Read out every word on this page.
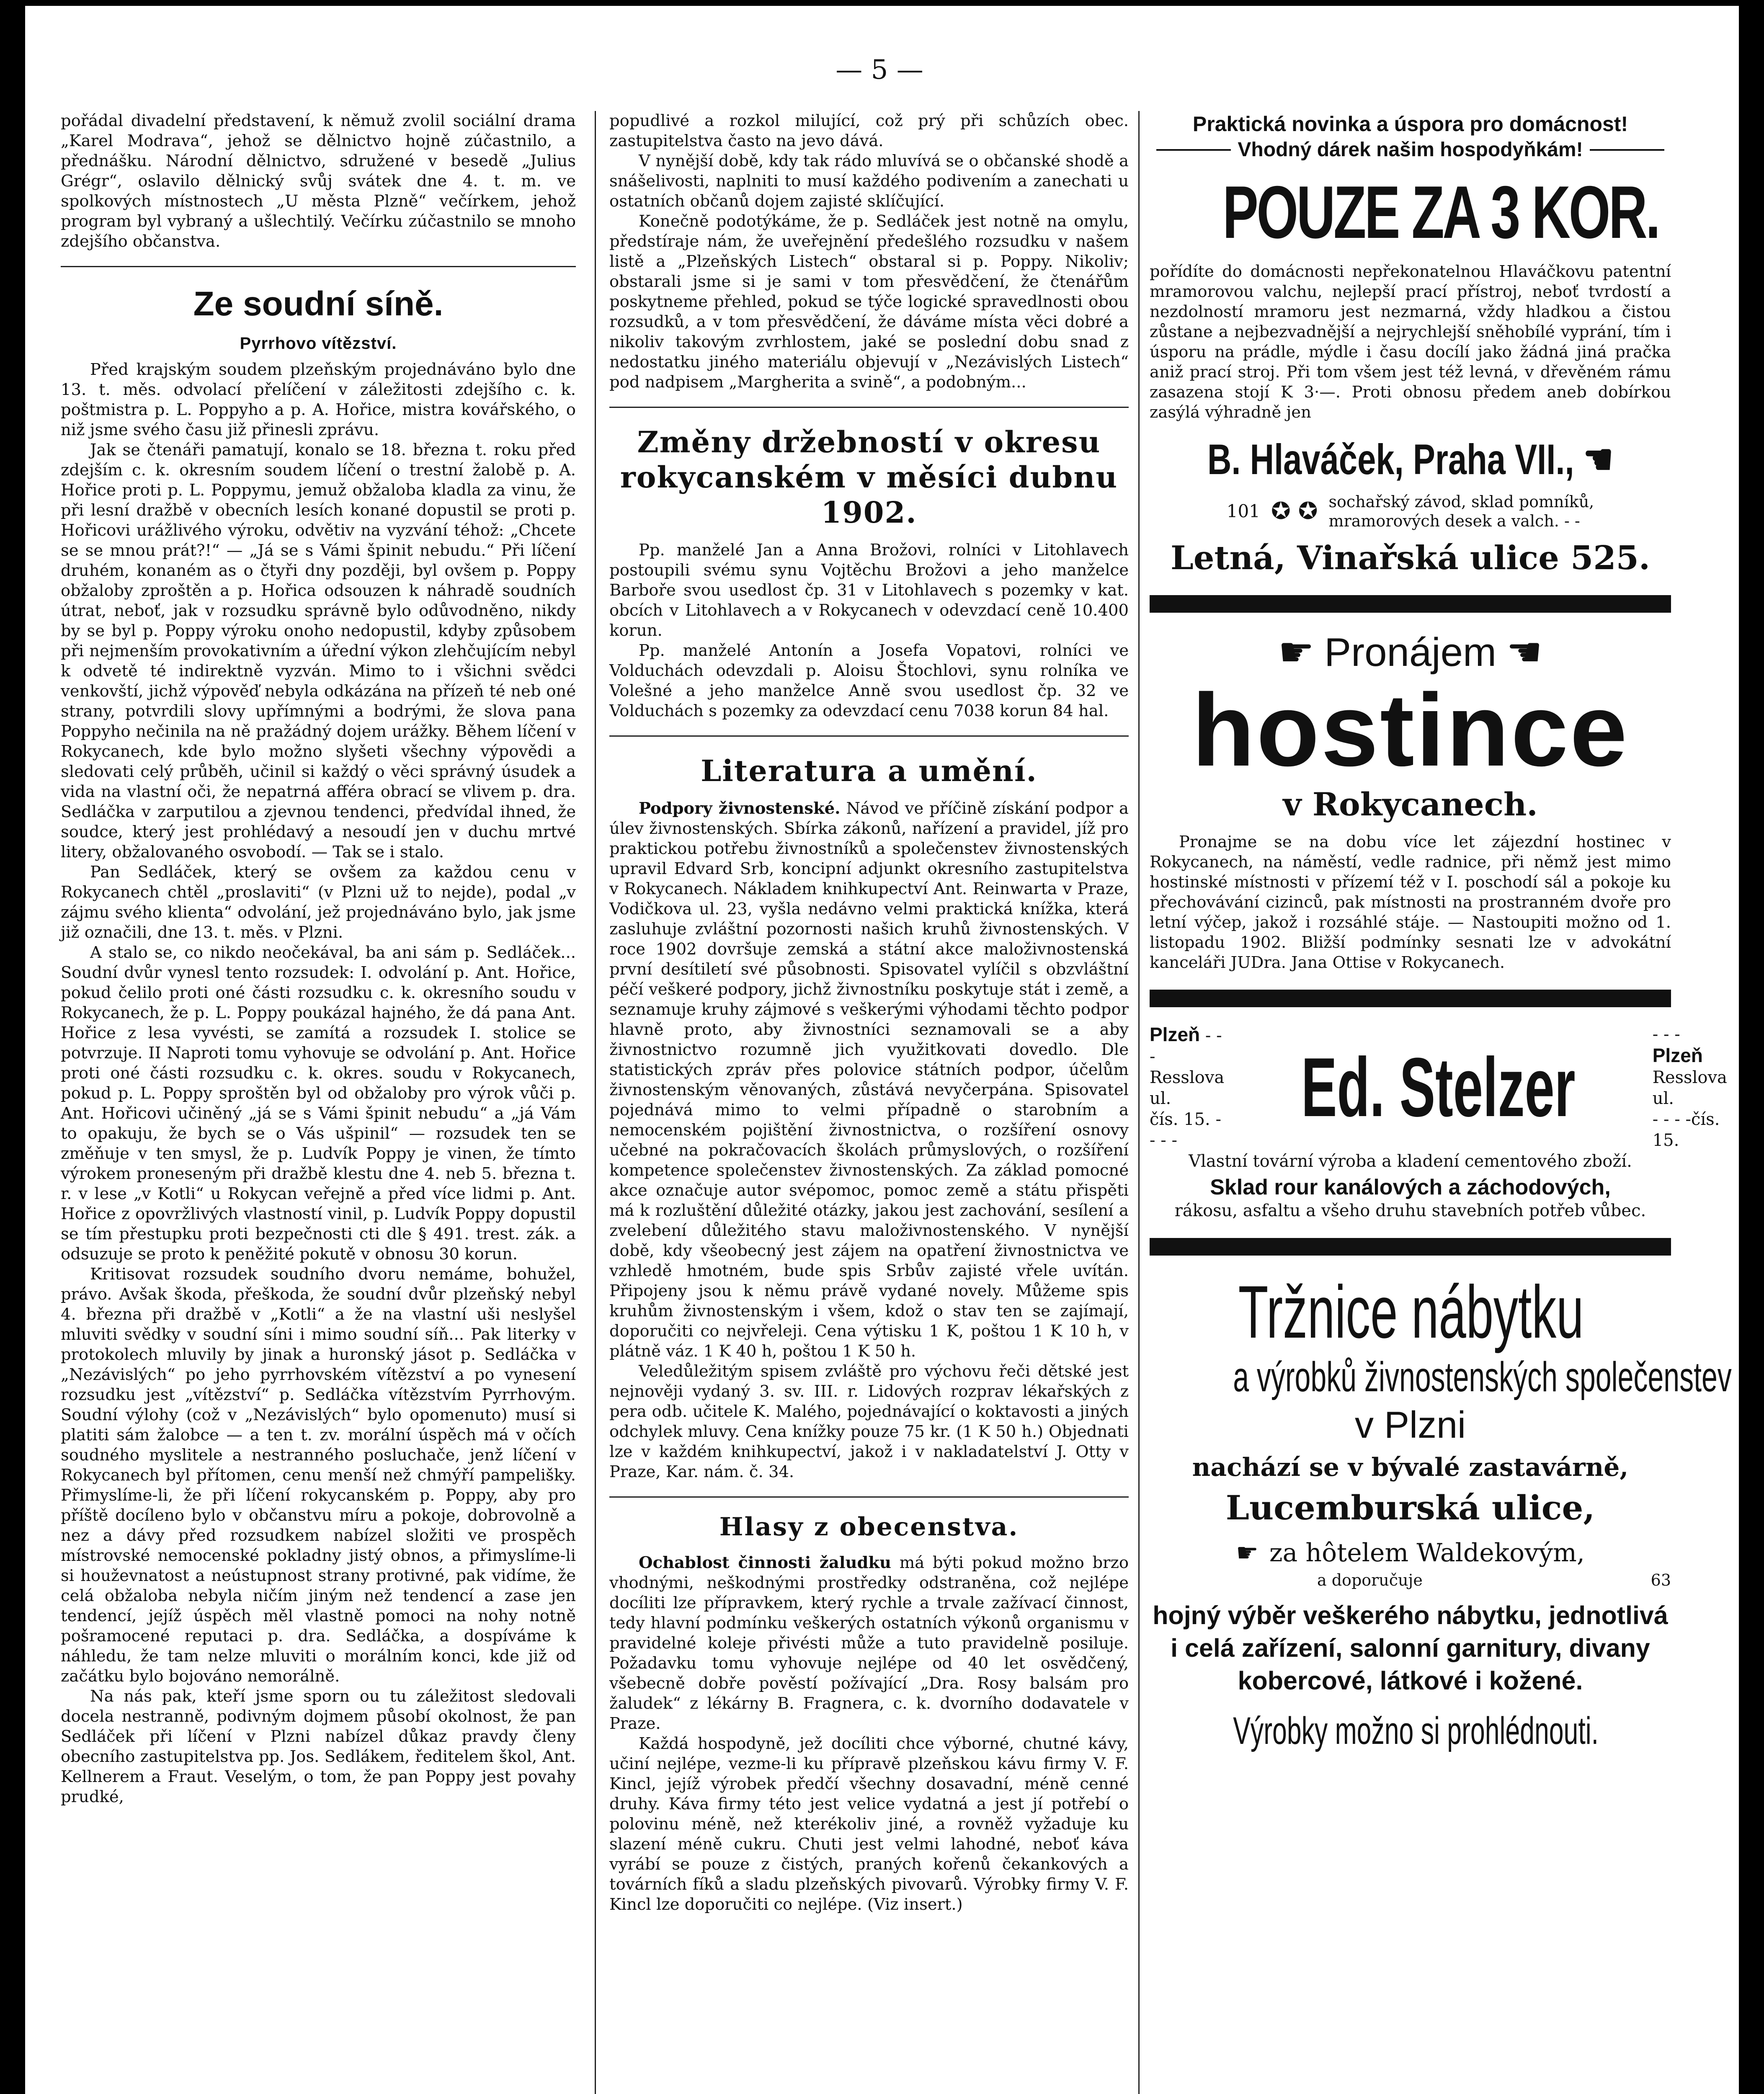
— 5 —

pořádal divadelní představení, k němuž zvolil sociální drama „Karel Modrava“, jehož se dělnictvo hojně zúčastnilo, a přednášku. Národní dělnictvo, sdružené v besedě „Julius Grégr“, oslavilo dělnický svůj svátek dne 4. t. m. ve spolkových místnostech „U města Plzně“ večírkem, jehož program byl vybraný a ušlechtilý. Večírku zúčastnilo se mnoho zdejšího občanstva.

Ze soudní síně.
Pyrrhovo vítězství.

Před krajským soudem plzeňským projednáváno bylo dne 13. t. měs. odvolací přelíčení v záležitosti zdejšího c. k. poštmistra p. L. Poppyho a p. A. Hořice, mistra kovářského, o niž jsme svého času již přinesli zprávu.

Jak se čtenáři pamatují, konalo se 18. března t. roku před zdejším c. k. okresním soudem líčení o trestní žalobě p. A. Hořice proti p. L. Poppymu, jemuž obžaloba kladla za vinu, že při lesní dražbě v obecních lesích konané dopustil se proti p. Hořicovi urážlivého výroku, odvětiv na vyzvání téhož: „Chcete se se mnou prát?!“ — „Já se s Vámi špinit nebudu.“ Při líčení druhém, konaném as o čtyři dny později, byl ovšem p. Poppy obžaloby zproštěn a p. Hořica odsouzen k náhradě soudních útrat, neboť, jak v rozsudku správně bylo odůvodněno, nikdy by se byl p. Poppy výroku onoho nedopustil, kdyby způsobem při nejmenším provokativním a úřední výkon zlehčujícím nebyl k odvetě té indirektně vyzván. Mimo to i všichni svědci venkovští, jichž výpověď nebyla odkázána na přízeň té neb oné strany, potvrdili slovy upřímnými a bodrými, že slova pana Poppyho nečinila na ně pražádný dojem urážky. Během líčení v Rokycanech, kde bylo možno slyšeti všechny výpovědi a sledovati celý průběh, učinil si každý o věci správný úsudek a vida na vlastní oči, že nepatrná afféra obrací se vlivem p. dra. Sedláčka v zarputilou a zjevnou tendenci, předvídal ihned, že soudce, který jest prohlédavý a nesoudí jen v duchu mrtvé litery, obžalovaného osvobodí. — Tak se i stalo.

Pan Sedláček, který se ovšem za každou cenu v Rokycanech chtěl „proslaviti“ (v Plzni už to nejde), podal „v zájmu svého klienta“ odvolání, jež projednáváno bylo, jak jsme již označili, dne 13. t. měs. v Plzni.

A stalo se, co nikdo neočekával, ba ani sám p. Sedláček... Soudní dvůr vynesl tento rozsudek: I. odvolání p. Ant. Hořice, pokud čelilo proti oné části rozsudku c. k. okresního soudu v Rokycanech, že p. L. Poppy poukázal hajného, že dá pana Ant. Hořice z lesa vyvésti, se zamítá a rozsudek I. stolice se potvrzuje. II Naproti tomu vyhovuje se odvolání p. Ant. Hořice proti oné části rozsudku c. k. okres. soudu v Rokycanech, pokud p. L. Poppy sproštěn byl od obžaloby pro výrok vůči p. Ant. Hořicovi učiněný „já se s Vámi špinit nebudu“ a „já Vám to opakuju, že bych se o Vás ušpinil“ — rozsudek ten se změňuje v ten smysl, že p. Ludvík Poppy je vinen, že tímto výrokem proneseným při dražbě klestu dne 4. neb 5. března t. r. v lese „v Kotli“ u Rokycan veřejně a před více lidmi p. Ant. Hořice z opovržlivých vlastností vinil, p. Ludvík Poppy dopustil se tím přestupku proti bezpečnosti cti dle § 491. trest. zák. a odsuzuje se proto k peněžité pokutě v obnosu 30 korun.

Kritisovat rozsudek soudního dvoru nemáme, bohužel, právo. Avšak škoda, přeškoda, že soudní dvůr plzeňský nebyl 4. března při dražbě v „Kotli“ a že na vlastní uši neslyšel mluviti svědky v soudní síni i mimo soudní síň... Pak literky v protokolech mluvily by jinak a huronský jásot p. Sedláčka v „Nezávislých“ po jeho pyrrhovském vítězství a po vynesení rozsudku jest „vítězství“ p. Sedláčka vítězstvím Pyrrhovým. Soudní výlohy (což v „Nezávislých“ bylo opomenuto) musí si platiti sám žalobce — a ten t. zv. morální úspěch má v očích soudného myslitele a nestranného posluchače, jenž líčení v Rokycanech byl přítomen, cenu menší než chmýří pampelišky. Přimyslíme-li, že při líčení rokycanském p. Poppy, aby pro příště docíleno bylo v občanstvu míru a pokoje, dobrovolně a nez a dávy před rozsudkem nabízel složiti ve prospěch místrovské nemocenské pokladny jistý obnos, a přimyslíme-li si houževnatost a neústupnost strany protivné, pak vidíme, že celá obžaloba nebyla ničím jiným než tendencí a zase jen tendencí, jejíž úspěch měl vlastně pomoci na nohy notně pošramocené reputaci p. dra. Sedláčka, a dospíváme k náhledu, že tam nelze mluviti o morálním konci, kde již od začátku bylo bojováno nemorálně.

Na nás pak, kteří jsme sporn ou tu záležitost sledovali docela nestranně, podivným dojmem působí okolnost, že pan Sedláček při líčení v Plzni nabízel důkaz pravdy členy obecního zastupitelstva pp. Jos. Sedlákem, ředitelem škol, Ant. Kellnerem a Fraut. Veselým, o tom, že pan Poppy jest povahy prudké,

popudlivé a rozkol milující, což prý při schůzích obec. zastupitelstva často na jevo dává.

V nynější době, kdy tak rádo mluvívá se o občanské shodě a snášelivosti, naplniti to musí každého podivením a zanechati u ostatních občanů dojem zajisté sklíčující.

Konečně podotýkáme, že p. Sedláček jest notně na omylu, předstíraje nám, že uveřejnění předešlého rozsudku v našem listě a „Plzeňských Listech“ obstaral si p. Poppy. Nikoliv; obstarali jsme si je sami v tom přesvědčení, že čtenářům poskytneme přehled, pokud se týče logické spravedlnosti obou rozsudků, a v tom přesvědčení, že dáváme místa věci dobré a nikoliv takovým zvrhlostem, jaké se poslední dobu snad z nedostatku jiného materiálu objevují v „Nezávislých Listech“ pod nadpisem „Margherita a svině“, a podobným...

Změny držebností v okresu rokycanském v měsíci dubnu 1902.

Pp. manželé Jan a Anna Brožovi, rolníci v Litohlavech postoupili svému synu Vojtěchu Brožovi a jeho manželce Barboře svou usedlost čp. 31 v Litohlavech s pozemky v kat. obcích v Litohlavech a v Rokycanech v odevzdací ceně 10.400 korun.

Pp. manželé Antonín a Josefa Vopatovi, rolníci ve Volduchách odevzdali p. Aloisu Štochlovi, synu rolníka ve Volešné a jeho manželce Anně svou usedlost čp. 32 ve Volduchách s pozemky za odevzdací cenu 7038 korun 84 hal.

Literatura a umění.

Podpory živnostenské. Návod ve příčině získání podpor a úlev živnostenských. Sbírka zákonů, nařízení a pravidel, jíž pro praktickou potřebu živnostníků a společenstev živnostenských upravil Edvard Srb, koncipní adjunkt okresního zastupitelstva v Rokycanech. Nákladem knihkupectví Ant. Reinwarta v Praze, Vodičkova ul. 23, vyšla nedávno velmi praktická knížka, která zasluhuje zvláštní pozornosti našich kruhů živnostenských. V roce 1902 dovršuje zemská a státní akce maloživnostenská první desítiletí své působnosti. Spisovatel vylíčil s obzvláštní péčí veškeré podpory, jichž živnostníku poskytuje stát i země, a seznamuje kruhy zájmové s veškerými výhodami těchto podpor hlavně proto, aby živnostníci seznamovali se a aby živnostnictvo rozumně jich využitkovati dovedlo. Dle statistických zpráv přes polovice státních podpor, účelům živnostenským věnovaných, zůstává nevyčerpána. Spisovatel pojednává mimo to velmi případně o starobním a nemocenském pojištění živnostnictva, o rozšíření osnovy učebné na pokračovacích školách průmyslových, o rozšíření kompetence společenstev živnostenských. Za základ pomocné akce označuje autor svépomoc, pomoc země a státu přispěti má k rozluštění důležité otázky, jakou jest zachování, sesílení a zvelebení důležitého stavu maloživnostenského. V nynější době, kdy všeobecný jest zájem na opatření živnostnictva ve vzhledě hmotném, bude spis Srbův zajisté vřele uvítán. Připojeny jsou k němu právě vydané novely. Můžeme spis kruhům živnostenským i všem, kdož o stav ten se zajímají, doporučiti co nejvřeleji. Cena výtisku 1 K, poštou 1 K 10 h, v plátně váz. 1 K 40 h, poštou 1 K 50 h.

Veledůležitým spisem zvláště pro výchovu řeči dětské jest nejnověji vydaný 3. sv. III. r. Lidových rozprav lékařských z pera odb. učitele K. Malého, pojednávající o koktavosti a jiných odchylek mluvy. Cena knížky pouze 75 kr. (1 K 50 h.) Objednati lze v každém knihkupectví, jakož i v nakladatelství J. Otty v Praze, Kar. nám. č. 34.

Hlasy z obecenstva.

Ochablost činnosti žaludku má býti pokud možno brzo vhodnými, neškodnými prostředky odstraněna, což nejlépe docíliti lze přípravkem, který rychle a trvale zažívací činnost, tedy hlavní podmínku veškerých ostatních výkonů organismu v pravidelné koleje přivésti může a tuto pravidelně posiluje. Požadavku tomu vyhovuje nejlépe od 40 let osvědčený, všebecně dobře pověstí požívající „Dra. Rosy balsám pro žaludek“ z lékárny B. Fragnera, c. k. dvorního dodavatele v Praze.

Každá hospodyně, jež docíliti chce výborné, chutné kávy, učiní nejlépe, vezme-li ku přípravě plzeňskou kávu firmy V. F. Kincl, jejíž výrobek předčí všechny dosavadní, méně cenné druhy. Káva firmy této jest velice vydatná a jest jí potřebí o polovinu méně, než kterékoliv jiné, a rovněž vyžaduje ku slazení méně cukru. Chuti jest velmi lahodné, neboť káva vyrábí se pouze z čistých, praných kořenů čekankových a továrních fíků a sladu plzeňských pivovarů. Výrobky firmy V. F. Kincl lze doporučiti co nejlépe. (Viz insert.)

Praktická novinka a úspora pro domácnost!
Vhodný dárek našim hospodyňkám!
POUZE ZA 3 KOR.

pořídíte do domácnosti nepřekonatelnou Hlaváčkovu patentní mramorovou valchu, nejlepší prací přístroj, neboť tvrdostí a nezdolností mramoru jest nezmarná, vždy hladkou a čistou zůstane a nejbezvadnější a nejrychlejší sněhobílé vyprání, tím i úsporu na prádle, mýdle i času docílí jako žádná jiná pračka aniž prací stroj. Při tom všem jest též levná, v dřevěném rámu zasazena stojí K 3·—. Proti obnosu předem aneb dobírkou zasýlá výhradně jen

B. Hlaváček, Praha VII., ☚
101 ✪ ✪ sochařský závod, sklad pomníků,
mramorových desek a valch. - -
Letná, Vinařská ulice 525.
☛ Pronájem ☚
hostince
v Rokycanech.

Pronajme se na dobu více let zájezdní hostinec v Rokycanech, na náměstí, vedle radnice, při němž jest mimo hostinské místnosti v přízemí též v I. poschodí sál a pokoje ku přechovávání cizinců, pak místnosti na prostranném dvoře pro letní výčep, jakož i rozsáhlé stáje. — Nastoupiti možno od 1. listopadu 1902. Bližší podmínky sesnati lze v advokátní kanceláři JUDra. Jana Ottise v Rokycanech.

Plzeň - - -
Resslova ul.
čís. 15. - - - -
Ed. Stelzer
- - -Plzeň
Resslova ul.
- - - -čís. 15.
Vlastní tovární výroba a kladení cementového zboží.
Sklad rour kanálových a záchodových,
rákosu, asfaltu a všeho druhu stavebních potřeb vůbec.
Tržnice nábytku
a výrobků živnostenských společenstev
v Plzni
nachází se v bývalé zastavárně,
Lucemburská ulice,
☛ za hôtelem Waldekovým,
a doporučuje	63
hojný výběr veškerého nábytku, jednotlivá i celá zařízení, salonní garnitury, divany kobercové, látkové i kožené.
Výrobky možno si prohlédnouti.
